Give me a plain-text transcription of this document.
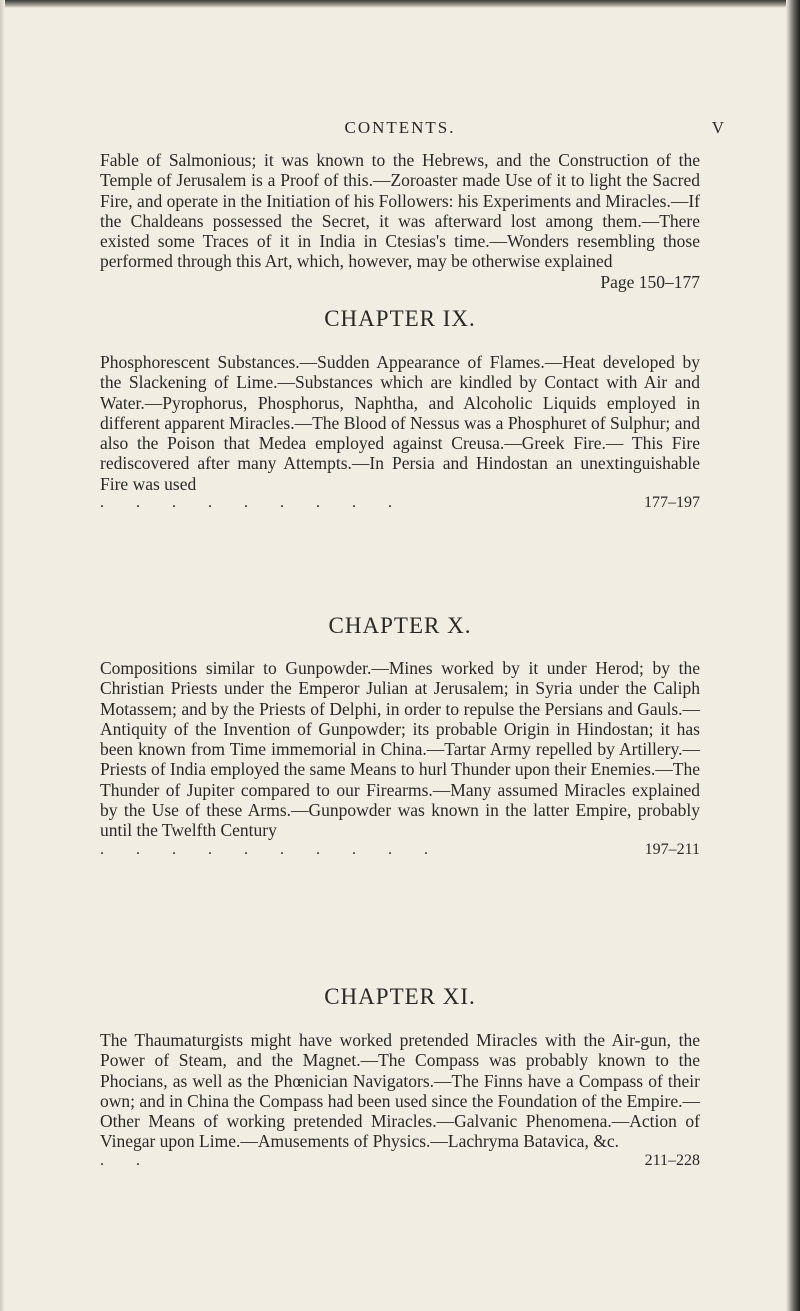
CONTENTS.	V

Fable of Salmonious; it was known to the Hebrews, and the Construction of the Temple of Jerusalem is a Proof of this.—Zoroaster made Use of it to light the Sacred Fire, and operate in the Initiation of his Followers: his Experiments and Miracles.—If the Chaldeans possessed the Secret, it was afterward lost among them.—There existed some Traces of it in India in Ctesias's time.—Wonders resembling those performed through this Art, which, however, may be otherwise explained

Page 150–177
CHAPTER IX.

Phosphorescent Substances.—Sudden Appearance of Flames.—Heat developed by the Slackening of Lime.—Substances which are kindled by Contact with Air and Water.—Pyrophorus, Phosphorus, Naphtha, and Alcoholic Liquids employed in different apparent Miracles.—The Blood of Nessus was a Phosphuret of Sulphur; and also the Poison that Medea employed against Creusa.—Greek Fire.— This Fire rediscovered after many Attempts.—In Persia and Hindostan an unextinguishable Fire was used

. . . . . . . . .	177–197
CHAPTER X.

Compositions similar to Gunpowder.—Mines worked by it under Herod; by the Christian Priests under the Emperor Julian at Jerusalem; in Syria under the Caliph Motassem; and by the Priests of Delphi, in order to repulse the Persians and Gauls.—Antiquity of the Invention of Gunpowder; its probable Origin in Hindostan; it has been known from Time immemorial in China.—Tartar Army repelled by Artillery.—Priests of India employed the same Means to hurl Thunder upon their Enemies.—The Thunder of Jupiter compared to our Firearms.—Many assumed Miracles explained by the Use of these Arms.—Gunpowder was known in the latter Empire, probably until the Twelfth Century

. . . . . . . . . .	197–211
CHAPTER XI.

The Thaumaturgists might have worked pretended Miracles with the Air-gun, the Power of Steam, and the Magnet.—The Compass was probably known to the Phocians, as well as the Phœnician Navigators.—The Finns have a Compass of their own; and in China the Compass had been used since the Foundation of the Empire.—Other Means of working pretended Miracles.—Galvanic Phenomena.—Action of Vinegar upon Lime.—Amusements of Physics.—Lachryma Batavica, &c.

. .	211–228
